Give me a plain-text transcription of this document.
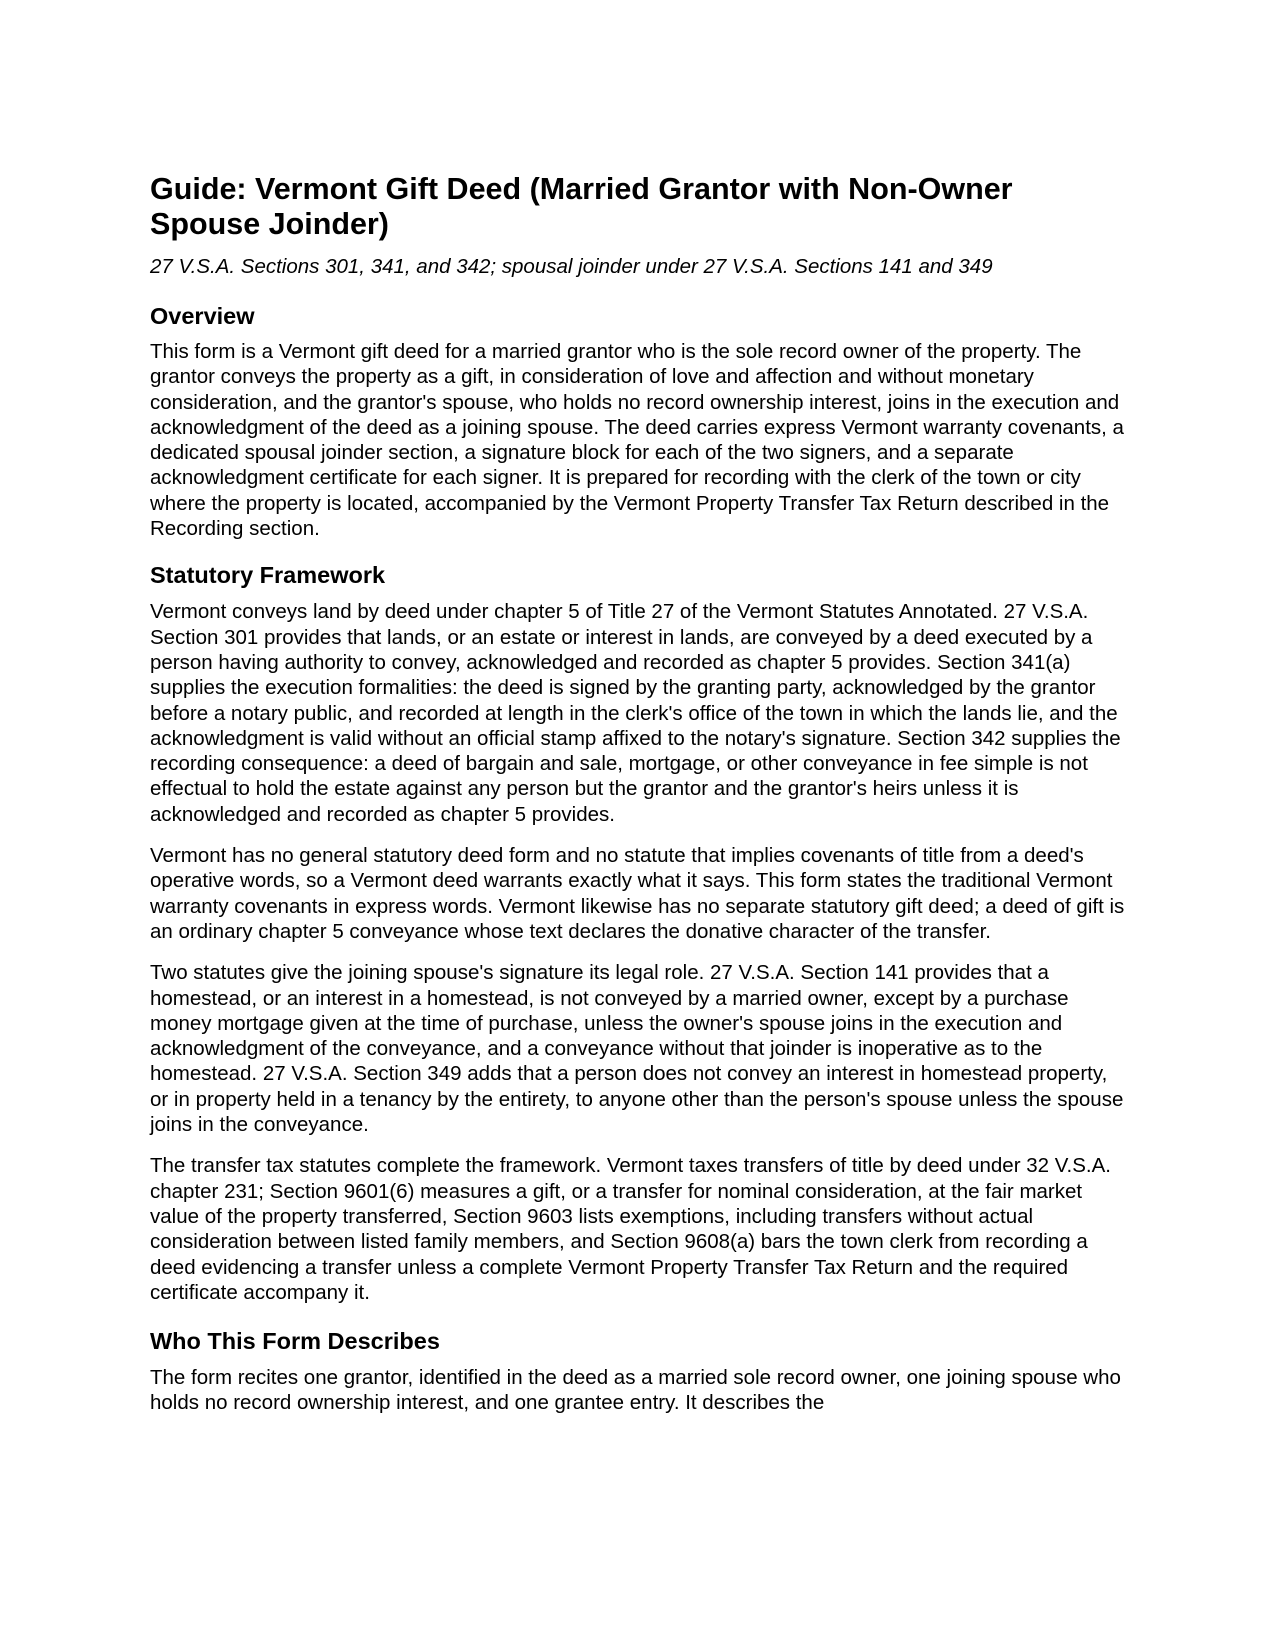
Guide: Vermont Gift Deed (Married Grantor with Non-Owner Spouse Joinder)
27 V.S.A. Sections 301, 341, and 342; spousal joinder under 27 V.S.A. Sections 141 and 349
Overview

This form is a Vermont gift deed for a married grantor who is the sole record owner of the property. The grantor conveys the property as a gift, in consideration of love and affection and without monetary consideration, and the grantor's spouse, who holds no record ownership interest, joins in the execution and acknowledgment of the deed as a joining spouse. The deed carries express Vermont warranty covenants, a dedicated spousal joinder section, a signature block for each of the two signers, and a separate acknowledgment certificate for each signer. It is prepared for recording with the clerk of the town or city where the property is located, accompanied by the Vermont Property Transfer Tax Return described in the Recording section.

Statutory Framework

Vermont conveys land by deed under chapter 5 of Title 27 of the Vermont Statutes Annotated. 27 V.S.A. Section 301 provides that lands, or an estate or interest in lands, are conveyed by a deed executed by a person having authority to convey, acknowledged and recorded as chapter 5 provides. Section 341(a) supplies the execution formalities: the deed is signed by the granting party, acknowledged by the grantor before a notary public, and recorded at length in the clerk's office of the town in which the lands lie, and the acknowledgment is valid without an official stamp affixed to the notary's signature. Section 342 supplies the recording consequence: a deed of bargain and sale, mortgage, or other conveyance in fee simple is not effectual to hold the estate against any person but the grantor and the grantor's heirs unless it is acknowledged and recorded as chapter 5 provides.

Vermont has no general statutory deed form and no statute that implies covenants of title from a deed's operative words, so a Vermont deed warrants exactly what it says. This form states the traditional Vermont warranty covenants in express words. Vermont likewise has no separate statutory gift deed; a deed of gift is an ordinary chapter 5 conveyance whose text declares the donative character of the transfer.

Two statutes give the joining spouse's signature its legal role. 27 V.S.A. Section 141 provides that a homestead, or an interest in a homestead, is not conveyed by a married owner, except by a purchase money mortgage given at the time of purchase, unless the owner's spouse joins in the execution and acknowledgment of the conveyance, and a conveyance without that joinder is inoperative as to the homestead. 27 V.S.A. Section 349 adds that a person does not convey an interest in homestead property, or in property held in a tenancy by the entirety, to anyone other than the person's spouse unless the spouse joins in the conveyance.

The transfer tax statutes complete the framework. Vermont taxes transfers of title by deed under 32 V.S.A. chapter 231; Section 9601(6) measures a gift, or a transfer for nominal consideration, at the fair market value of the property transferred, Section 9603 lists exemptions, including transfers without actual consideration between listed family members, and Section 9608(a) bars the town clerk from recording a deed evidencing a transfer unless a complete Vermont Property Transfer Tax Return and the required certificate accompany it.

Who This Form Describes

The form recites one grantor, identified in the deed as a married sole record owner, one joining spouse who holds no record ownership interest, and one grantee entry. It describes the
